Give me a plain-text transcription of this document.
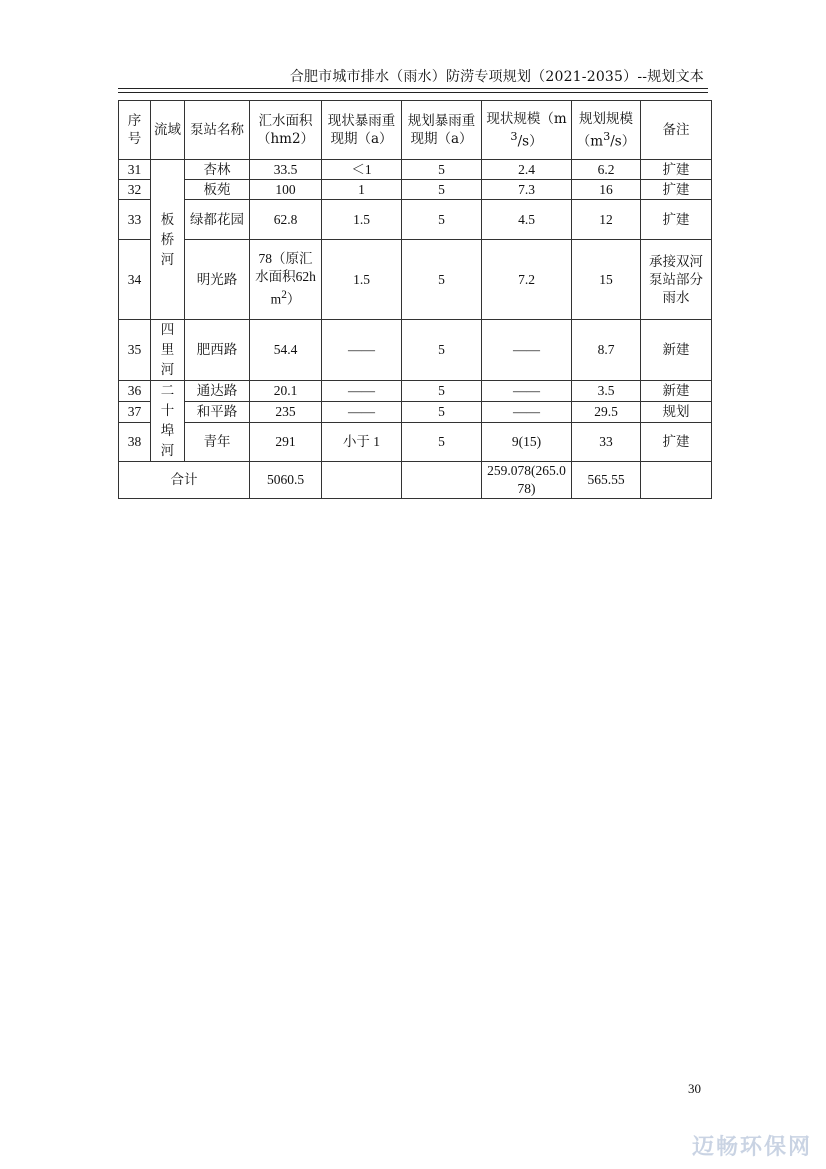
合肥市城市排水（雨水）防涝专项规划（2021-2035）--规划文本
序号	流域	泵站名称	汇水面积（hm2）	现状暴雨重现期（a）	规划暴雨重现期（a）	现状规模$(m^3/s)$	规划规模$(m^3/s)$	备注
31	板桥河	杏林	33.5	＜1	5	2.4	6.2	扩建
32		板苑	100	1	5	7.3	16	扩建
33		绿都花园	62.8	1.5	5	4.5	12	扩建
34		明光路	78（原汇水面积$62hm^2$）	1.5	5	7.2	15	承接双河泵站部分雨水
35	四里河	肥西路	54.4	——	5	——	8.7	新建
36	二十埠河	通达路	20.1	——	5	——	3.5	新建
37		和平路	235	——	5	——	29.5	规划
38		青年	291	小于 1	5	9(15)	33	扩建
合计			5060.5			259.078(265.078)	565.55	
30
迈畅环保网
